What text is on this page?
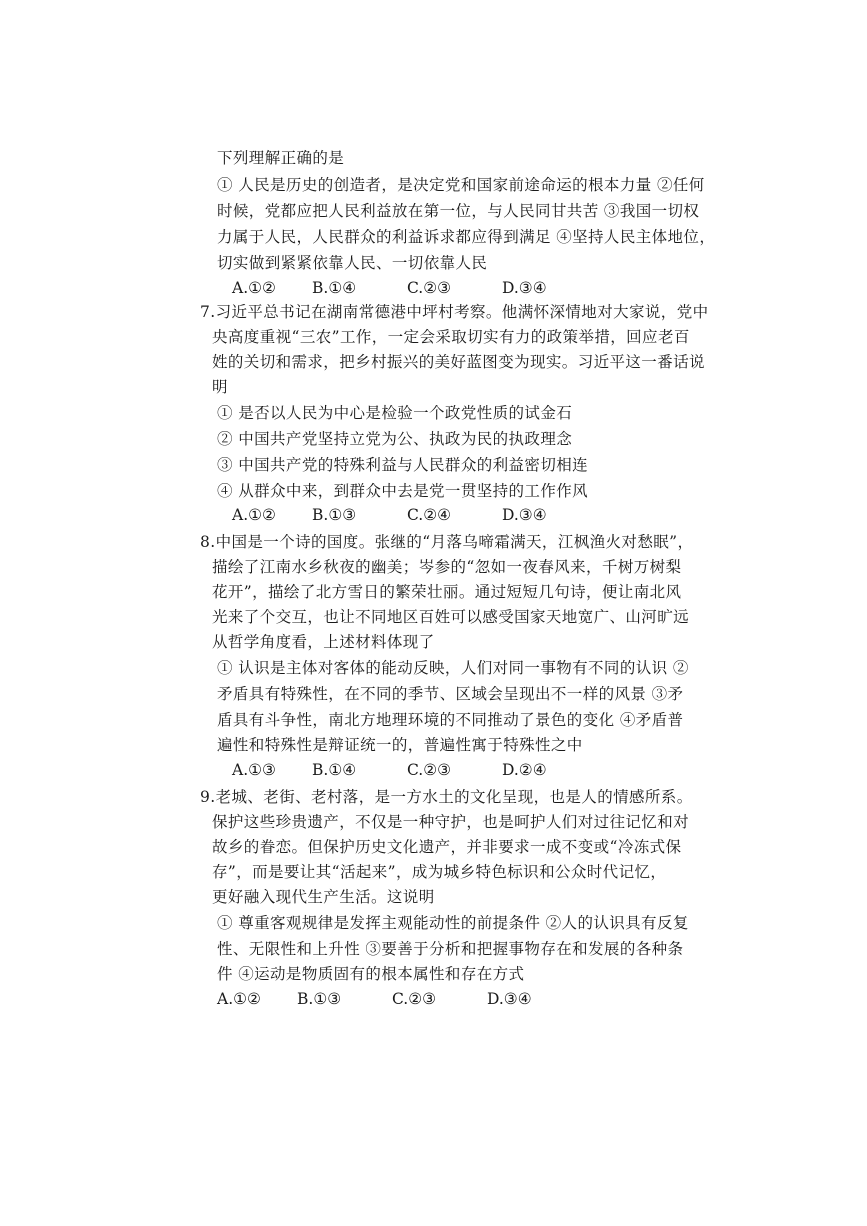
下列理解正确的是
① 人民是历史的创造者，是决定党和国家前途命运的根本力量 ②任何
时候，党都应把人民利益放在第一位，与人民同甘共苦 ③我国一切权
力属于人民，人民群众的利益诉求都应得到满足 ④坚持人民主体地位，
切实做到紧紧依靠人民、一切依靠人民
A.①② B.①④	C.②③	D.③④
7.习近平总书记在湖南常德港中坪村考察。他满怀深情地对大家说，党中
央高度重视“三农”工作，一定会采取切实有力的政策举措，回应老百
姓的关切和需求，把乡村振兴的美好蓝图变为现实。习近平这一番话说
明
① 是否以人民为中心是检验一个政党性质的试金石
② 中国共产党坚持立党为公、执政为民的执政理念
③ 中国共产党的特殊利益与人民群众的利益密切相连
④ 从群众中来，到群众中去是党一贯坚持的工作作风
A.①② B.①③	C.②④	D.③④
8.中国是一个诗的国度。张继的“月落乌啼霜满天，江枫渔火对愁眠”，
描绘了江南水乡秋夜的幽美；岑参的“忽如一夜春风来，千树万树梨
花开”，描绘了北方雪日的繁荣壮丽。通过短短几句诗，便让南北风
光来了个交互，也让不同地区百姓可以感受国家天地宽广、山河旷远
从哲学角度看，上述材料体现了
① 认识是主体对客体的能动反映，人们对同一事物有不同的认识 ②
矛盾具有特殊性，在不同的季节、区域会呈现出不一样的风景 ③矛
盾具有斗争性，南北方地理环境的不同推动了景色的变化 ④矛盾普
遍性和特殊性是辩证统一的，普遍性寓于特殊性之中
A.①③ B.①④	C.②③	D.②④
9.老城、老街、老村落，是一方水土的文化呈现，也是人的情感所系。
保护这些珍贵遗产，不仅是一种守护，也是呵护人们对过往记忆和对
故乡的眷恋。但保护历史文化遗产，并非要求一成不变或“冷冻式保
存”，而是要让其“活起来”，成为城乡特色标识和公众时代记忆，
更好融入现代生产生活。这说明
① 尊重客观规律是发挥主观能动性的前提条件 ②人的认识具有反复
性、无限性和上升性 ③要善于分析和把握事物存在和发展的各种条
件 ④运动是物质固有的根本属性和存在方式
A.①② B.①③	C.②③	D.③④
